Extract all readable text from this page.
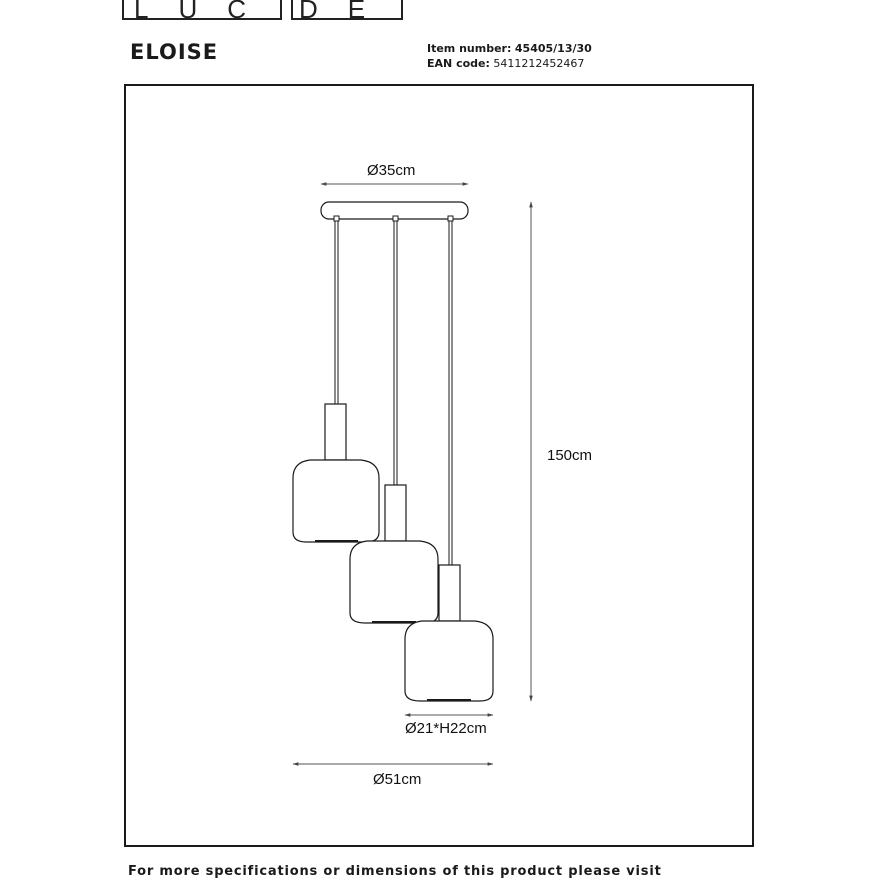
LUC DE
ELOISE	Item number: 45405/13/30
EAN code: 5411212452467
Ø35cm
150cm
Ø21*H22cm
Ø51cm
For more specifications or dimensions of this product please visit
